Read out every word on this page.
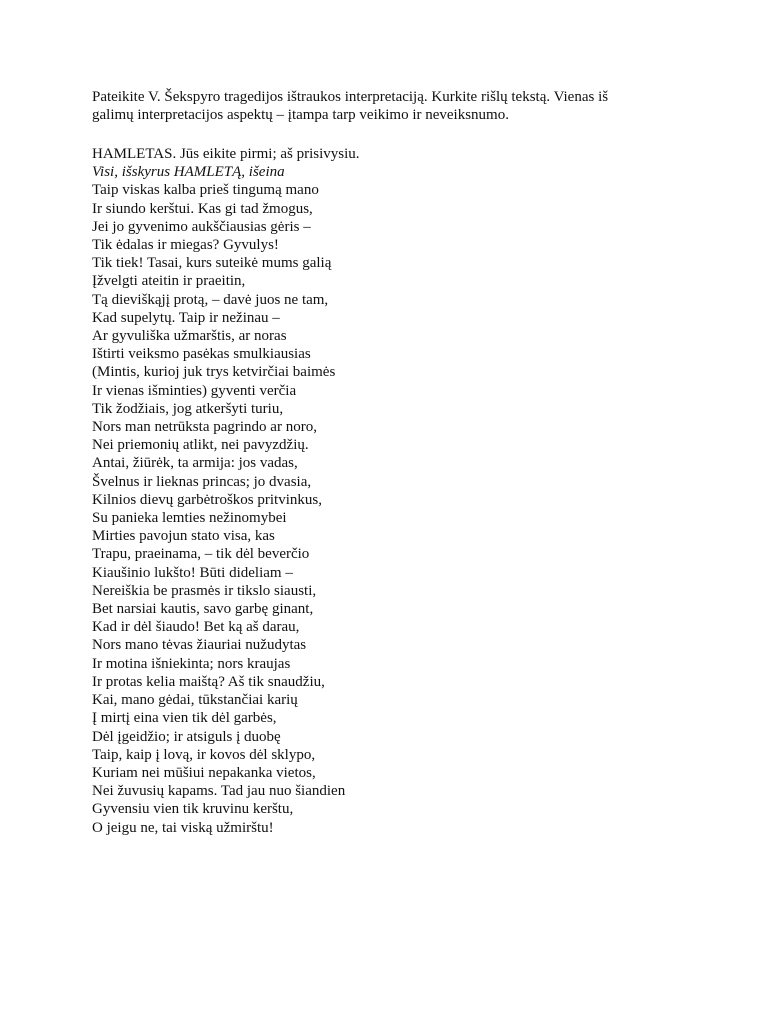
Pateikite V. Šekspyro tragedijos ištraukos interpretaciją. Kurkite rišlų tekstą. Vienas iš
galimų interpretacijos aspektų – įtampa tarp veikimo ir neveiksnumo.

HAMLETAS. Jūs eikite pirmi; aš prisivysiu.
Visi, išskyrus HAMLETĄ, išeina
Taip viskas kalba prieš tingumą mano
Ir siundo kerštui. Kas gi tad žmogus,
Jei jo gyvenimo aukščiausias gėris –
Tik ėdalas ir miegas? Gyvulys!
Tik tiek! Tasai, kurs suteikė mums galią
Įžvelgti ateitin ir praeitin,
Tą dieviškąjį protą, – davė juos ne tam,
Kad supelytų. Taip ir nežinau –
Ar gyvuliška užmarštis, ar noras
Ištirti veiksmo pasėkas smulkiausias
(Mintis, kurioj juk trys ketvirčiai baimės
Ir vienas išminties) gyventi verčia
Tik žodžiais, jog atkeršyti turiu,
Nors man netrūksta pagrindo ar noro,
Nei priemonių atlikt, nei pavyzdžių.
Antai, žiūrėk, ta armija: jos vadas,
Švelnus ir lieknas princas; jo dvasia,
Kilnios dievų garbėtroškos pritvinkus,
Su panieka lemties nežinomybei
Mirties pavojun stato visa, kas
Trapu, praeinama, – tik dėl beverčio
Kiaušinio lukšto! Būti dideliam –
Nereiškia be prasmės ir tikslo siausti,
Bet narsiai kautis, savo garbę ginant,
Kad ir dėl šiaudo! Bet ką aš darau,
Nors mano tėvas žiauriai nužudytas
Ir motina išniekinta; nors kraujas
Ir protas kelia maištą? Aš tik snaudžiu,
Kai, mano gėdai, tūkstančiai karių
Į mirtį eina vien tik dėl garbės,
Dėl įgeidžio; ir atsiguls į duobę
Taip, kaip į lovą, ir kovos dėl sklypo,
Kuriam nei mūšiui nepakanka vietos,
Nei žuvusių kapams. Tad jau nuo šiandien
Gyvensiu vien tik kruvinu kerštu,
O jeigu ne, tai viską užmirštu!
